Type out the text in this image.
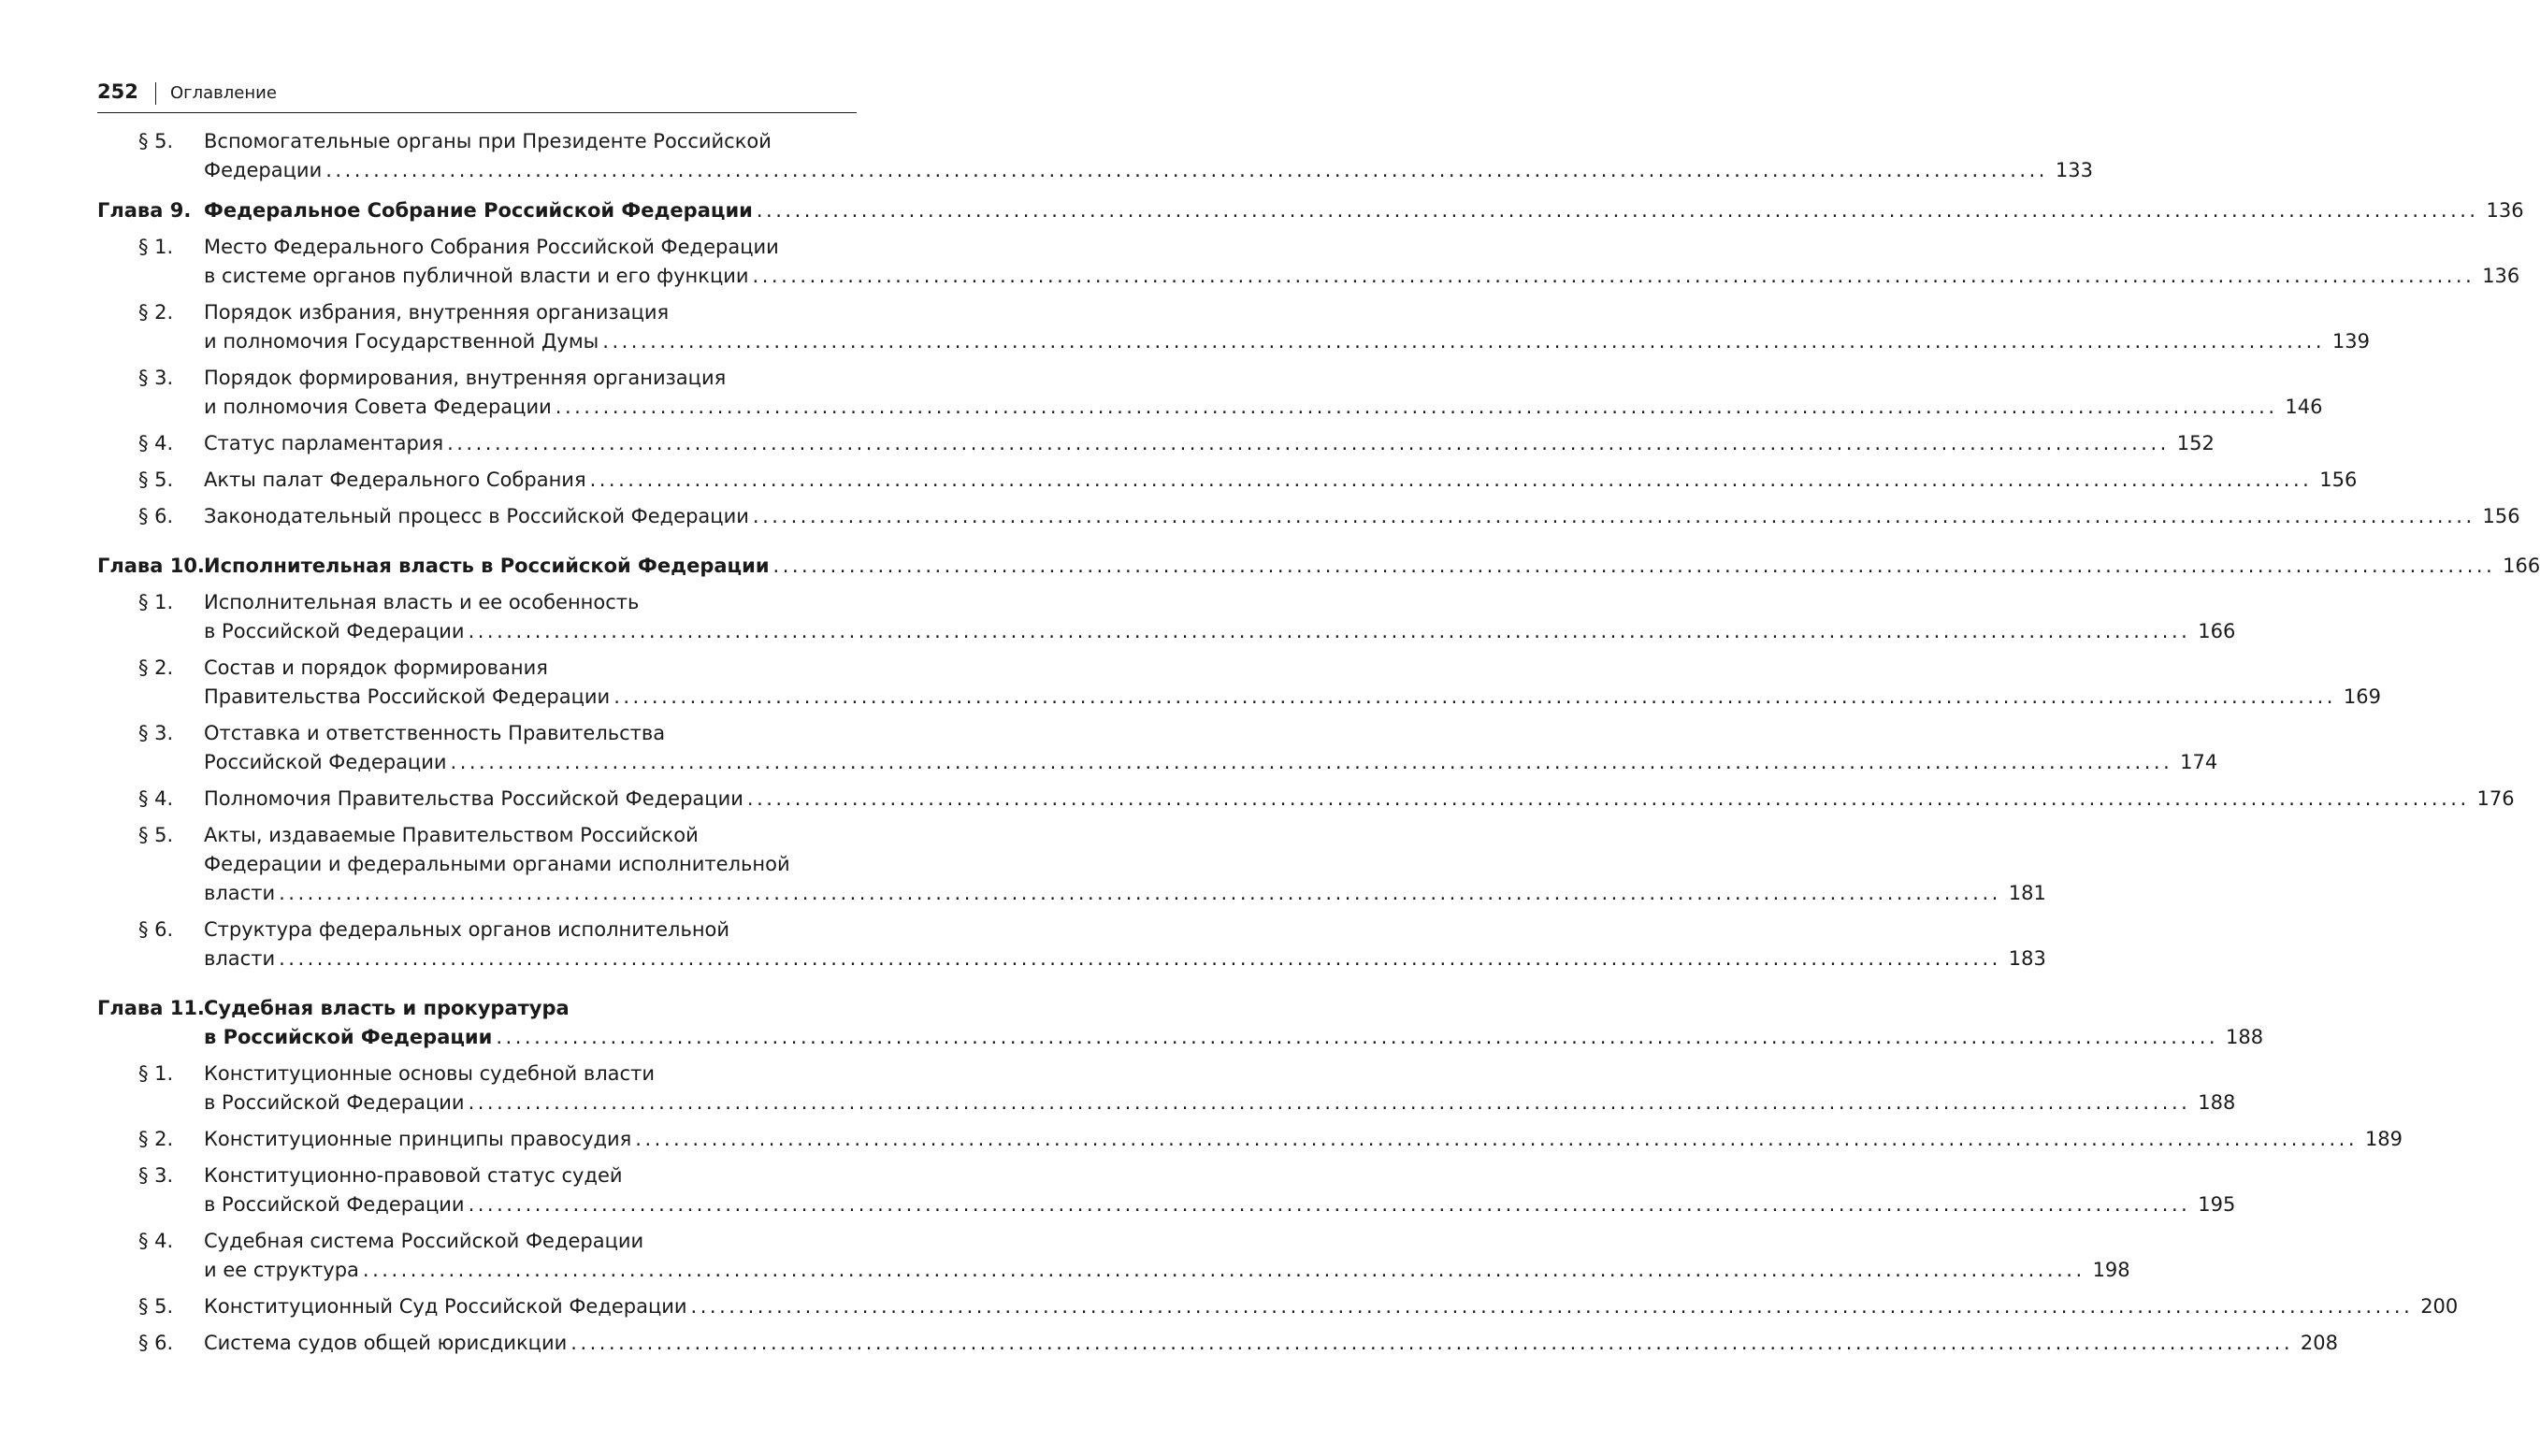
252 Оглавление
§ 5.	Вспомогательные органы при Президенте Российской
Федерации .....	133
Глава 9. Федеральное Собрание Российской Федерации .....	136
§ 1.	Место Федерального Собрания Российской Федерации
в системе органов публичной власти и его функции .....	136
§ 2.	Порядок избрания, внутренняя организация
и полномочия Государственной Думы .....	139
§ 3.	Порядок формирования, внутренняя организация
и полномочия Совета Федерации .....	146
§ 4.	Статус парламентария .....	152
§ 5.	Акты палат Федерального Собрания .....	156
§ 6.	Законодательный процесс в Российской Федерации .....	156
Глава 10. Исполнительная власть в Российской Федерации .....	166
§ 1.	Исполнительная власть и ее особенность
в Российской Федерации .....	166
§ 2.	Состав и порядок формирования
Правительства Российской Федерации .....	169
§ 3.	Отставка и ответственность Правительства
Российской Федерации .....	174
§ 4.	Полномочия Правительства Российской Федерации .....	176
§ 5.	Акты, издаваемые Правительством Российской
Федерации и федеральными органами исполнительной
власти .....	181
§ 6.	Структура федеральных органов исполнительной
власти .....	183
Глава 11. Судебная власть и прокуратура
в Российской Федерации .....	188
§ 1.	Конституционные основы судебной власти
в Российской Федерации .....	188
§ 2.	Конституционные принципы правосудия .....	189
§ 3.	Конституционно-правовой статус судей
в Российской Федерации .....	195
§ 4.	Судебная система Российской Федерации
и ее структура .....	198
§ 5.	Конституционный Суд Российской Федерации .....	200
§ 6.	Система судов общей юрисдикции .....	208
